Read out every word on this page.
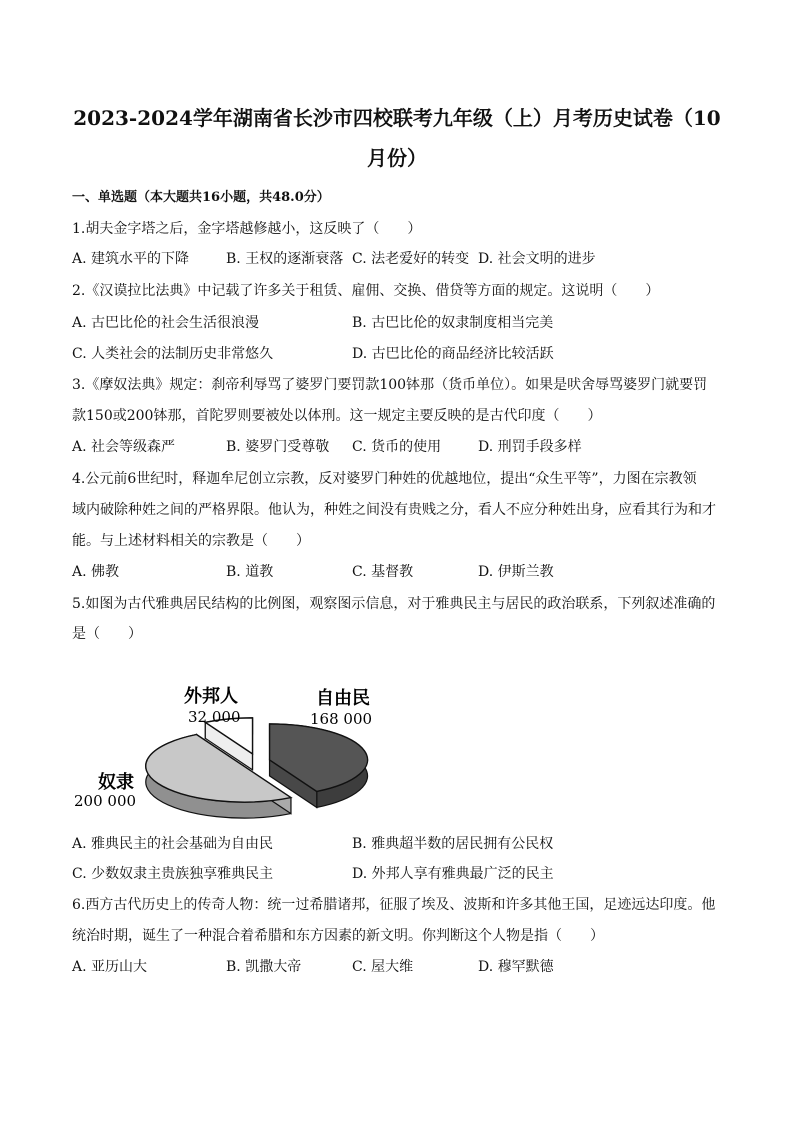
2023-2024学年湖南省长沙市四校联考九年级（上）月考历史试卷（10
月份）
一、单选题（本大题共16小题，共48.0分）
1.胡夫金字塔之后，金字塔越修越小，这反映了（　　）
A. 建筑水平的下降	B. 王权的逐渐衰落 C. 法老爱好的转变 D. 社会文明的进步
2.《汉谟拉比法典》中记载了许多关于租赁、雇佣、交换、借贷等方面的规定。这说明（　　）
A. 古巴比伦的社会生活很浪漫	B. 古巴比伦的奴隶制度相当完美
C. 人类社会的法制历史非常悠久	D. 古巴比伦的商品经济比较活跃
3.《摩奴法典》规定：刹帝利辱骂了婆罗门要罚款100钵那（货币单位）。如果是吠舍辱骂婆罗门就要罚
款150或200钵那，首陀罗则要被处以体刑。这一规定主要反映的是古代印度（　　）
A. 社会等级森严	B. 婆罗门受尊敬 C. 货币的使用	D. 刑罚手段多样
4.公元前6世纪时，释迦牟尼创立宗教，反对婆罗门种姓的优越地位，提出“众生平等”，力图在宗教领
域内破除种姓之间的严格界限。他认为，种姓之间没有贵贱之分，看人不应分种姓出身，应看其行为和才
能。与上述材料相关的宗教是（　　）
A. 佛教	B. 道教	C. 基督教	D. 伊斯兰教
5.如图为古代雅典居民结构的比例图，观察图示信息，对于雅典民主与居民的政治联系，下列叙述准确的
是（　　）
外邦人
32 000
自由民
168 000
奴隶
200 000
A. 雅典民主的社会基础为自由民	B. 雅典超半数的居民拥有公民权
C. 少数奴隶主贵族独享雅典民主	D. 外邦人享有雅典最广泛的民主
6.西方古代历史上的传奇人物：统一过希腊诸邦，征服了埃及、波斯和许多其他王国，足迹远达印度。他
统治时期，诞生了一种混合着希腊和东方因素的新文明。你判断这个人物是指（　　）
A. 亚历山大	B. 凯撒大帝	C. 屋大维	D. 穆罕默德
